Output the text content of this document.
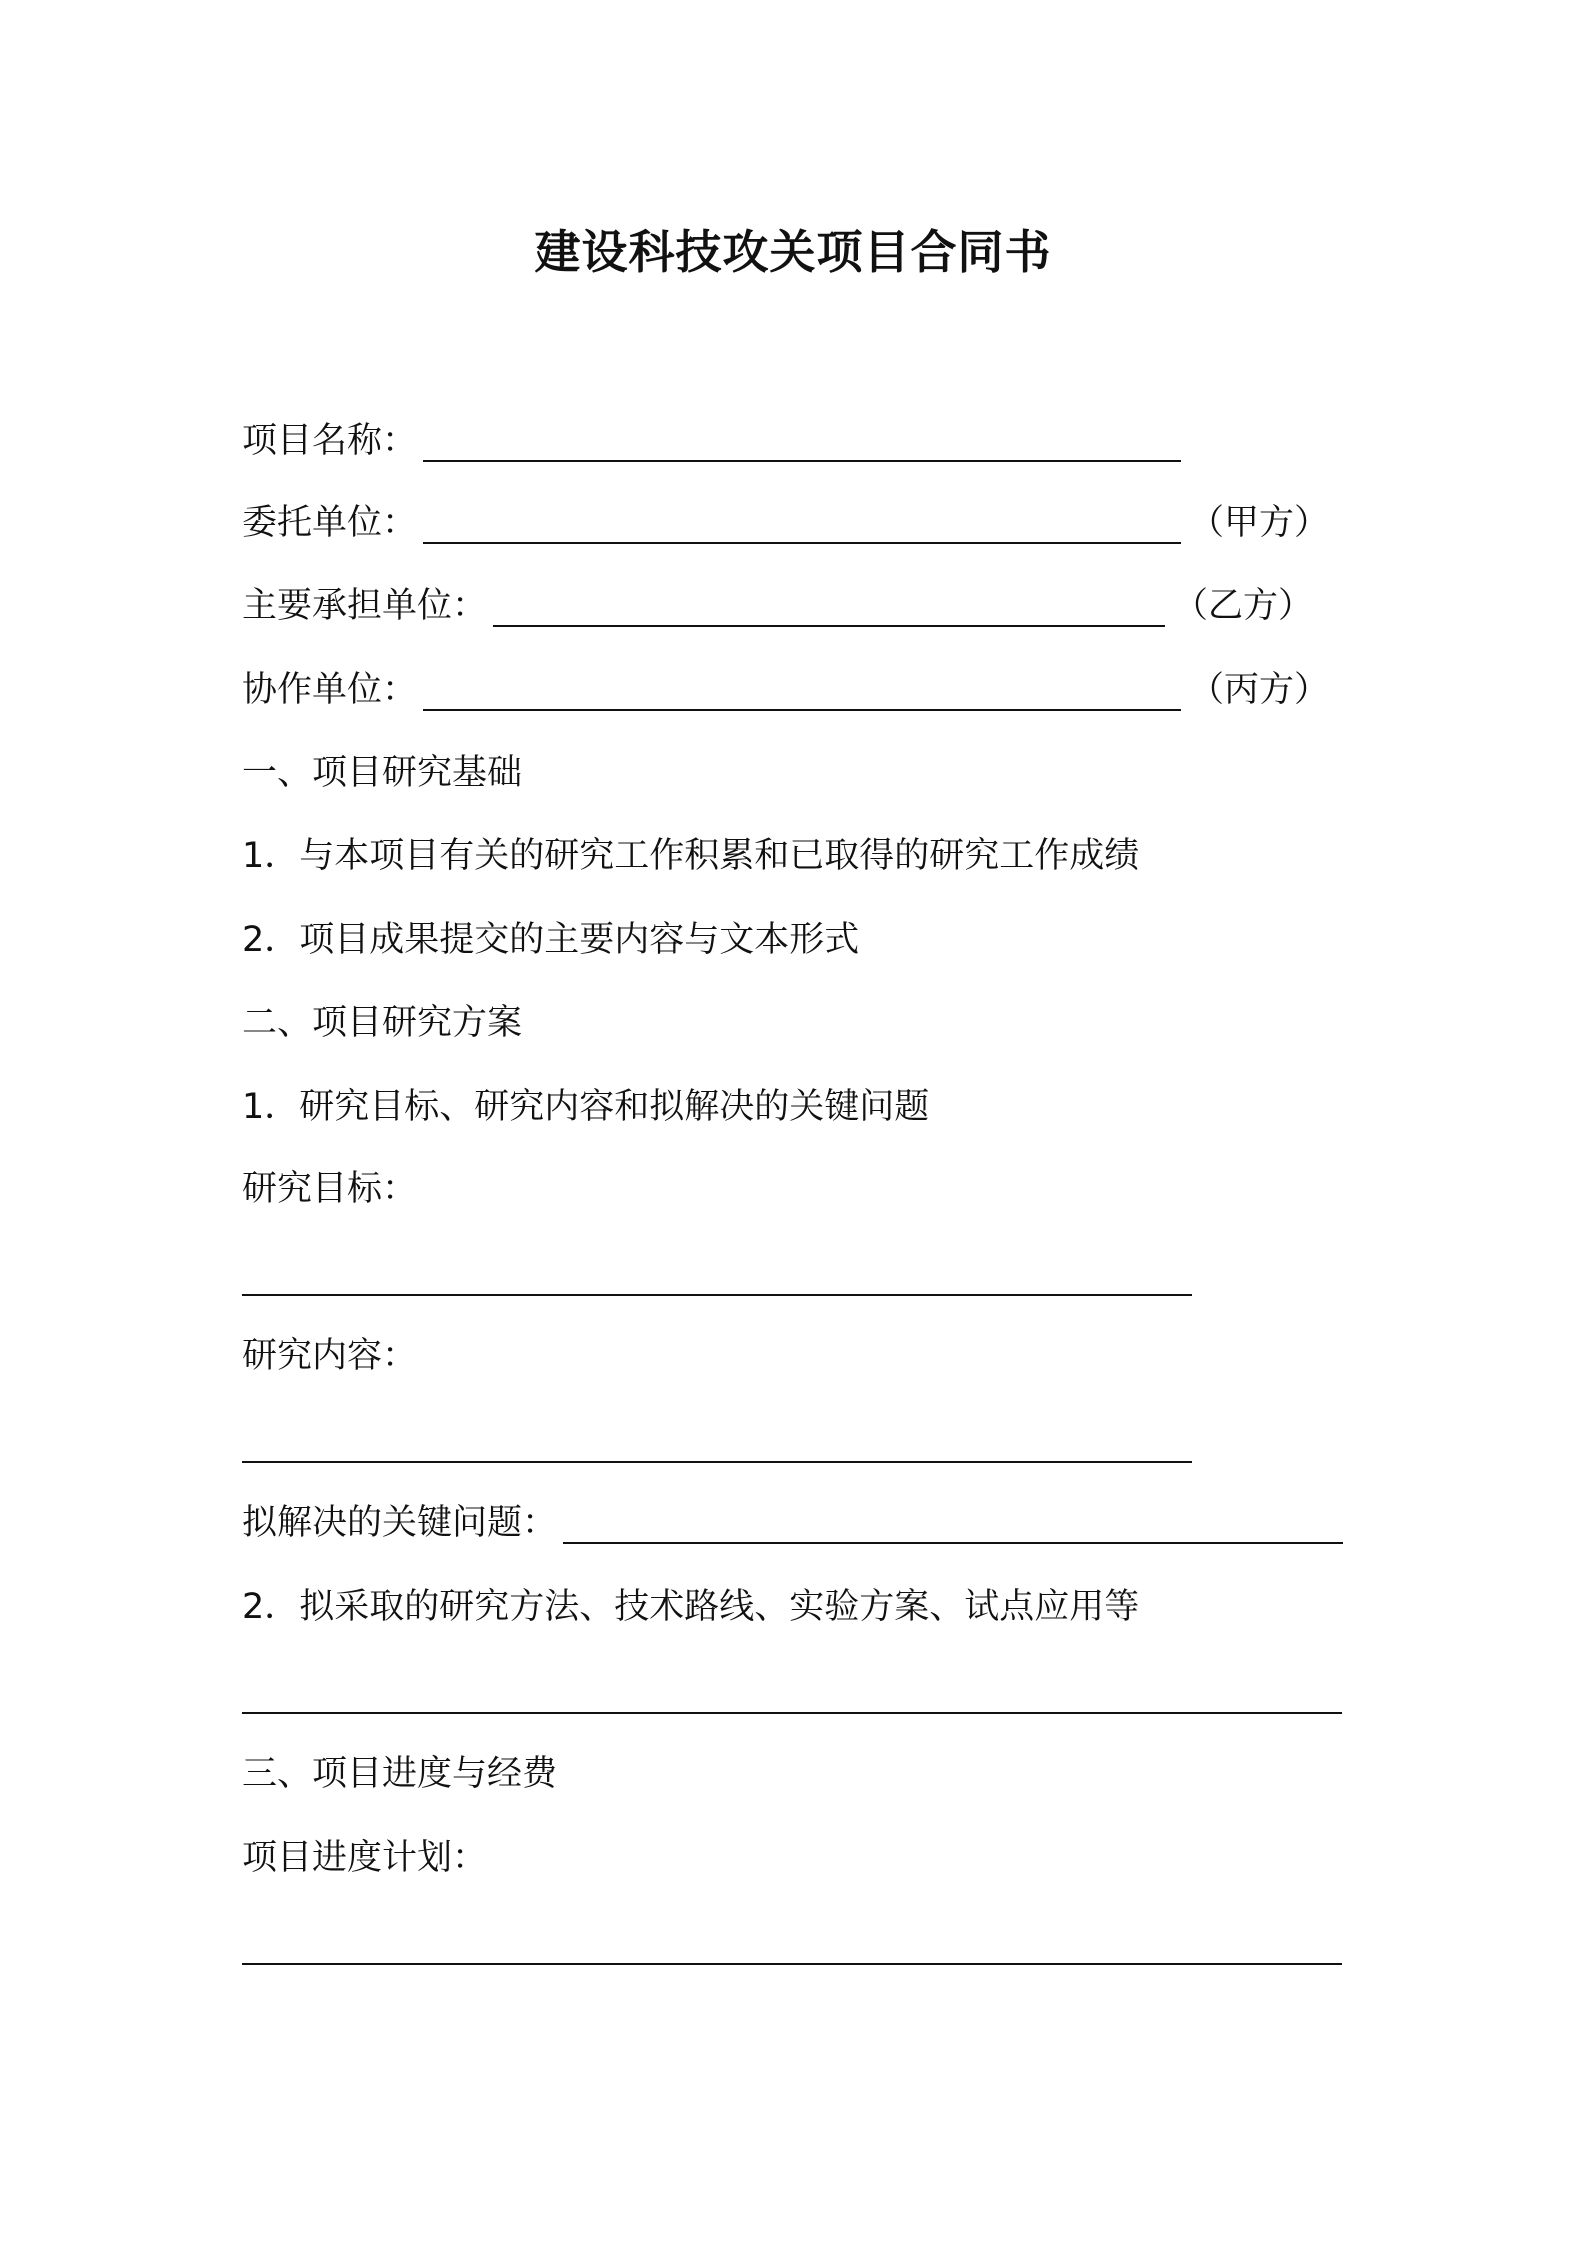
建设科技攻关项目合同书
项目名称：
委托单位：	（甲方）
主要承担单位：	（乙方）
协作单位：	（丙方）
一、项目研究基础
1．与本项目有关的研究工作积累和已取得的研究工作成绩
2．项目成果提交的主要内容与文本形式
二、项目研究方案
1．研究目标、研究内容和拟解决的关键问题
研究目标：
研究内容：
拟解决的关键问题：
2．拟采取的研究方法、技术路线、实验方案、试点应用等
三、项目进度与经费
项目进度计划：
